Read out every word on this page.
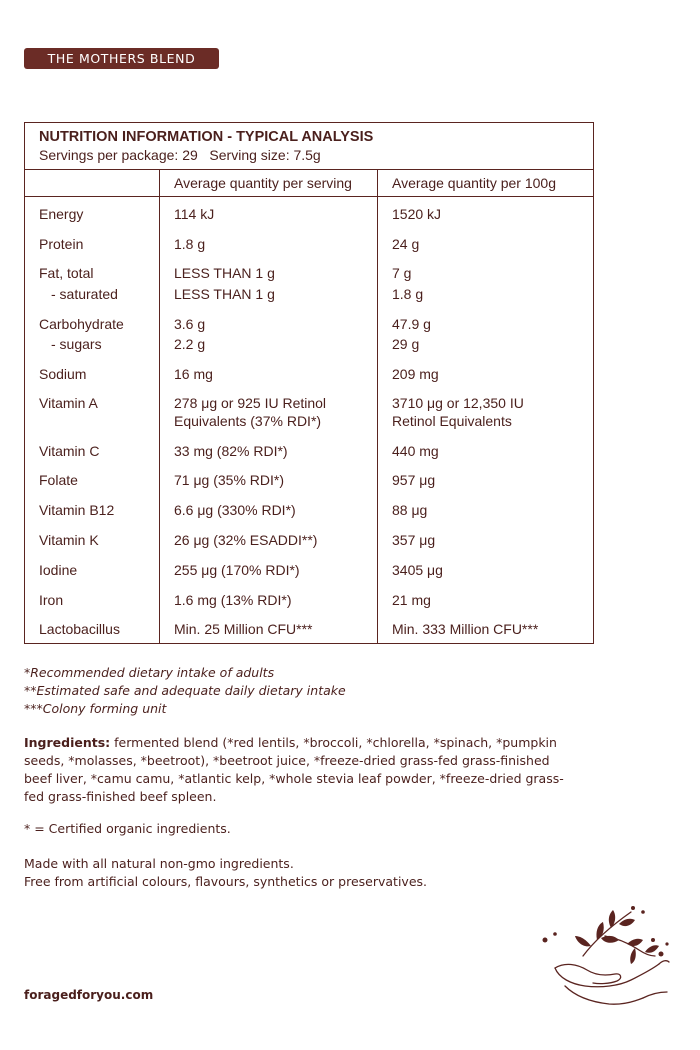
THE MOTHERS BLEND
NUTRITION INFORMATION - TYPICAL ANALYSIS
Servings per package: 29   Serving size: 7.5g
Average quantity per serving	Average quantity per 100g
Energy
Protein
Fat, total
- saturated
Carbohydrate
- sugars
Sodium
Vitamin A
Vitamin C
Folate
Vitamin B12
Vitamin K
Iodine
Iron
Lactobacillus
114 kJ
1.8 g
LESS THAN 1 g
LESS THAN 1 g
3.6 g
2.2 g
16 mg
278 μg or 925 IU Retinol
Equivalents (37% RDI*)
33 mg (82% RDI*)
71 μg (35% RDI*)
6.6 μg (330% RDI*)
26 μg (32% ESADDI**)
255 μg (170% RDI*)
1.6 mg (13% RDI*)
Min. 25 Million CFU***
1520 kJ
24 g
7 g
1.8 g
47.9 g
29 g
209 mg
3710 μg or 12,350 IU
Retinol Equivalents
440 mg
957 μg
88 μg
357 μg
3405 μg
21 mg
Min. 333 Million CFU***
*Recommended dietary intake of adults
**Estimated safe and adequate daily dietary intake
***Colony forming unit
Ingredients: fermented blend (*red lentils, *broccoli, *chlorella, *spinach, *pumpkin seeds, *molasses, *beetroot), *beetroot juice, *freeze-dried grass-fed grass-finished beef liver, *camu camu, *atlantic kelp, *whole stevia leaf powder, *freeze-dried grass-fed grass-finished beef spleen.
* = Certified organic ingredients.
Made with all natural non-gmo ingredients.
Free from artificial colours, flavours, synthetics or preservatives.
foragedforyou.com
